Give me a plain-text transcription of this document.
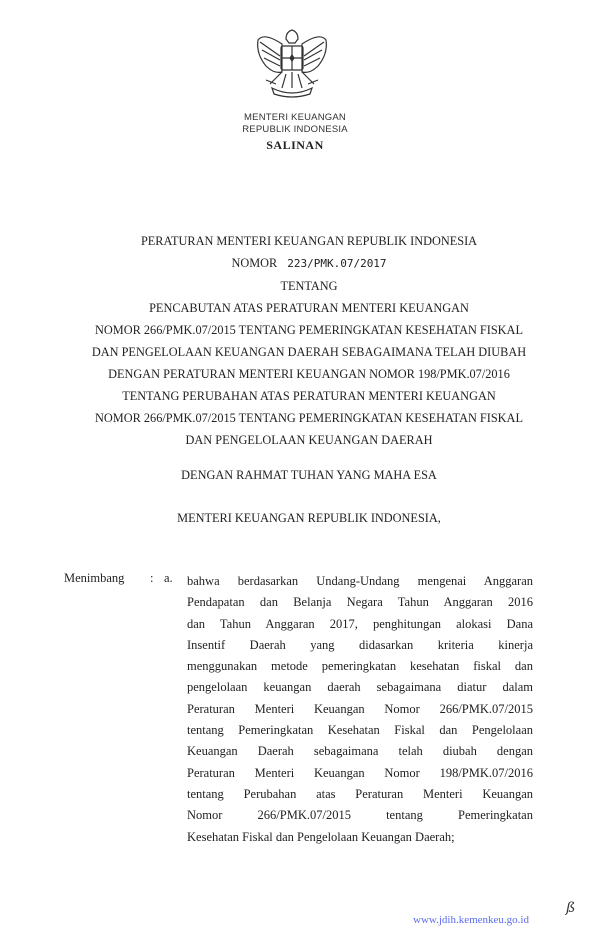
MENTERI KEUANGAN
REPUBLIK INDONESIA
SALINAN
PERATURAN MENTERI KEUANGAN REPUBLIK INDONESIA
NOMOR 223/PMK.07/2017
TENTANG
PENCABUTAN ATAS PERATURAN MENTERI KEUANGAN
NOMOR 266/PMK.07/2015 TENTANG PEMERINGKATAN KESEHATAN FISKAL
DAN PENGELOLAAN KEUANGAN DAERAH SEBAGAIMANA TELAH DIUBAH
DENGAN PERATURAN MENTERI KEUANGAN NOMOR 198/PMK.07/2016
TENTANG PERUBAHAN ATAS PERATURAN MENTERI KEUANGAN
NOMOR 266/PMK.07/2015 TENTANG PEMERINGKATAN KESEHATAN FISKAL
DAN PENGELOLAAN KEUANGAN DAERAH
DENGAN RAHMAT TUHAN YANG MAHA ESA
MENTERI KEUANGAN REPUBLIK INDONESIA,
Menimbang : a. bahwa berdasarkan Undang-Undang mengenai Anggaran
Pendapatan dan Belanja Negara Tahun Anggaran 2016
dan Tahun Anggaran 2017, penghitungan alokasi Dana
Insentif Daerah yang didasarkan kriteria kinerja
menggunakan metode pemeringkatan kesehatan fiskal dan
pengelolaan keuangan daerah sebagaimana diatur dalam
Peraturan Menteri Keuangan Nomor 266/PMK.07/2015
tentang Pemeringkatan Kesehatan Fiskal dan Pengelolaan
Keuangan Daerah sebagaimana telah diubah dengan
Peraturan Menteri Keuangan Nomor 198/PMK.07/2016
tentang Perubahan atas Peraturan Menteri Keuangan
Nomor 266/PMK.07/2015 tentang Pemeringkatan
Kesehatan Fiskal dan Pengelolaan Keuangan Daerah;
ß
www.jdih.kemenkeu.go.id
